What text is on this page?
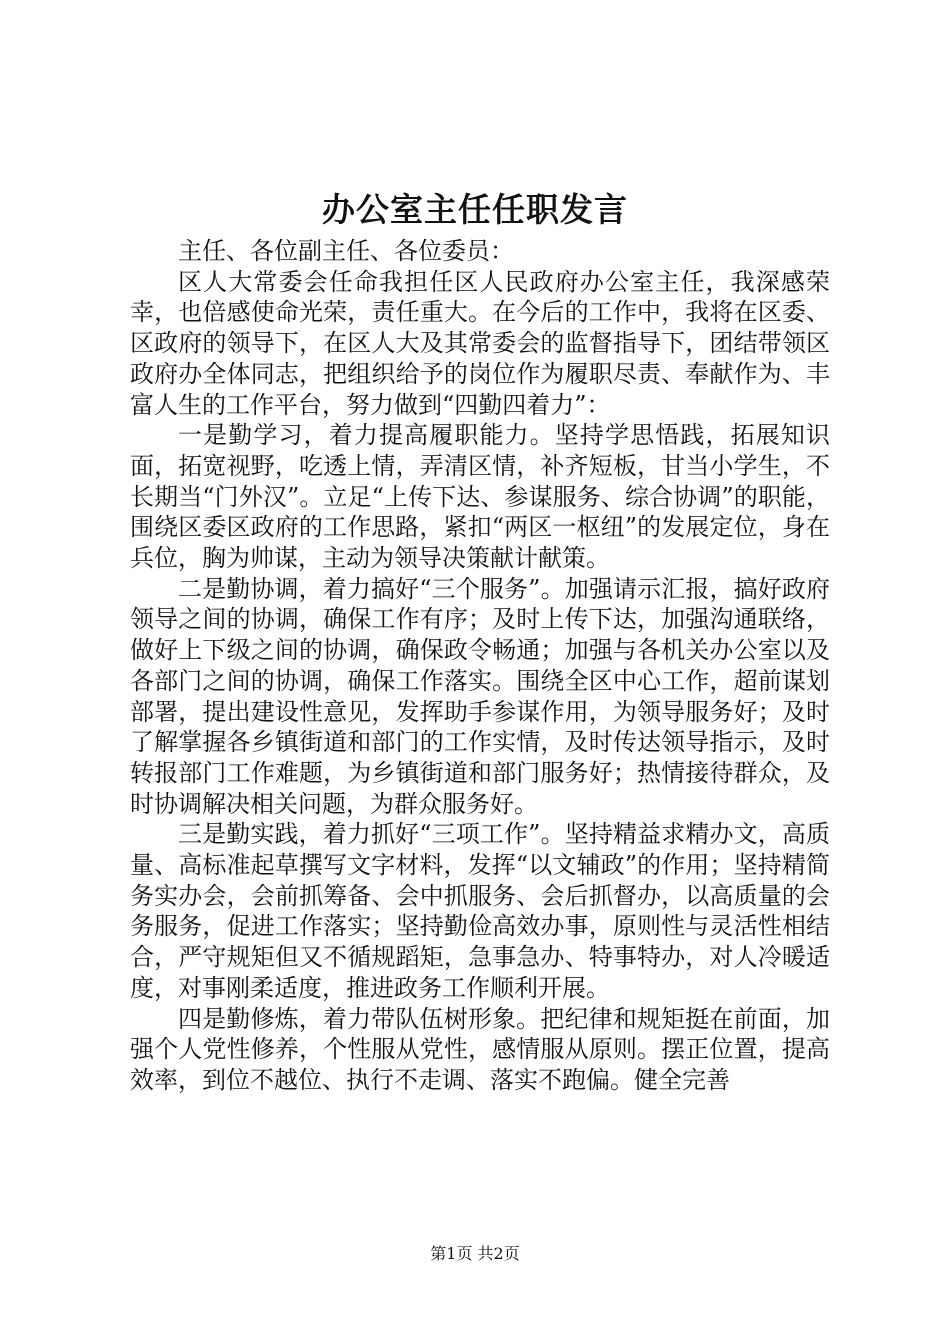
办公室主任任职发言

主任、各位副主任、各位委员：

区人大常委会任命我担任区人民政府办公室主任，我深感荣幸，也倍感使命光荣，责任重大。在今后的工作中，我将在区委、区政府的领导下，在区人大及其常委会的监督指导下，团结带领区政府办全体同志，把组织给予的岗位作为履职尽责、奉献作为、丰富人生的工作平台，努力做到“四勤四着力”：

一是勤学习，着力提高履职能力。坚持学思悟践，拓展知识面，拓宽视野，吃透上情，弄清区情，补齐短板，甘当小学生，不长期当“门外汉”。立足“上传下达、参谋服务、综合协调”的职能，围绕区委区政府的工作思路，紧扣“两区一枢纽”的发展定位，身在兵位，胸为帅谋，主动为领导决策献计献策。

二是勤协调，着力搞好“三个服务”。加强请示汇报，搞好政府领导之间的协调，确保工作有序；及时上传下达，加强沟通联络，做好上下级之间的协调，确保政令畅通；加强与各机关办公室以及各部门之间的协调，确保工作落实。围绕全区中心工作，超前谋划部署，提出建设性意见，发挥助手参谋作用，为领导服务好；及时了解掌握各乡镇街道和部门的工作实情，及时传达领导指示，及时转报部门工作难题，为乡镇街道和部门服务好；热情接待群众，及时协调解决相关问题，为群众服务好。

三是勤实践，着力抓好“三项工作”。坚持精益求精办文，高质量、高标准起草撰写文字材料，发挥“以文辅政”的作用；坚持精简务实办会，会前抓筹备、会中抓服务、会后抓督办，以高质量的会务服务，促进工作落实；坚持勤俭高效办事，原则性与灵活性相结合，严守规矩但又不循规蹈矩，急事急办、特事特办，对人冷暖适度，对事刚柔适度，推进政务工作顺利开展。

四是勤修炼，着力带队伍树形象。把纪律和规矩挺在前面，加强个人党性修养，个性服从党性，感情服从原则。摆正位置，提高效率，到位不越位、执行不走调、落实不跑偏。健全完善

第1页 共2页
